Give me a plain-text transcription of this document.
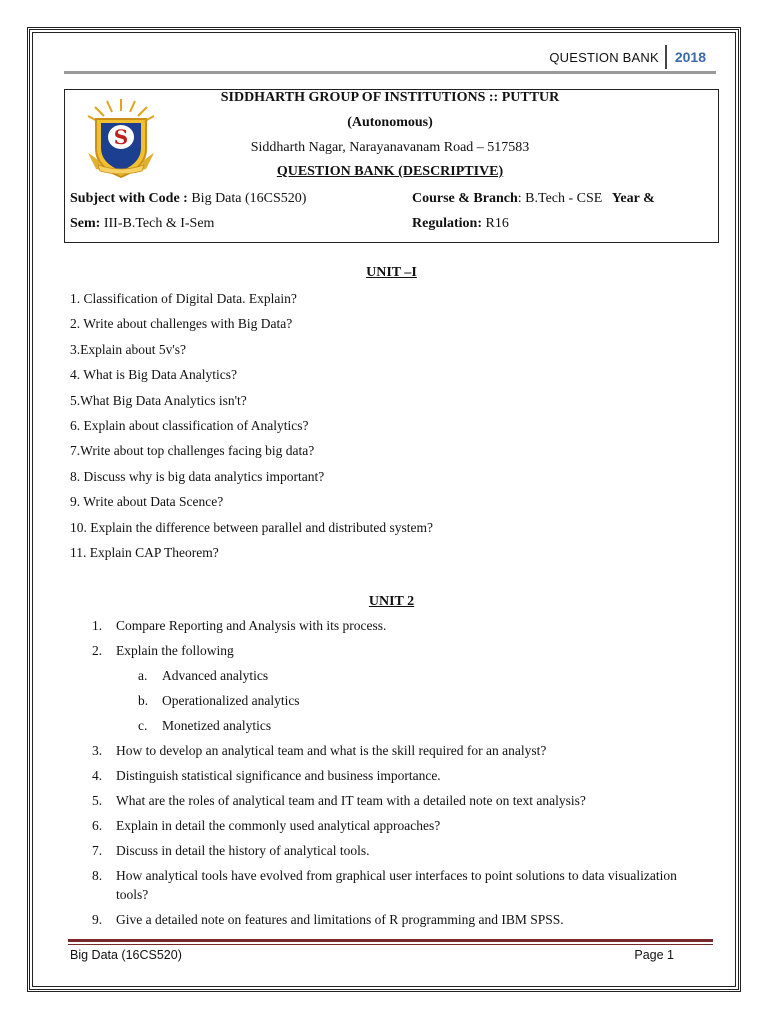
QUESTION BANK	2018
S
SIDDHARTH GROUP OF INSTITUTIONS :: PUTTUR
(Autonomous)
Siddharth Nagar, Narayanavanam Road – 517583
QUESTION BANK (DESCRIPTIVE)
Subject with Code : Big Data (16CS520)	Course & Branch: B.Tech - CSE Year &
Sem: III-B.Tech & I-Sem	Regulation: R16
UNIT –I
1. Classification of Digital Data. Explain?
2. Write about challenges with Big Data?
3.Explain about 5v's?
4. What is Big Data Analytics?
5.What Big Data Analytics isn't?
6. Explain about classification of Analytics?
7.Write about top challenges facing big data?
8. Discuss why is big data analytics important?
9. Write about Data Scence?
10. Explain the difference between parallel and distributed system?
11. Explain CAP Theorem?
UNIT 2
1. Compare Reporting and Analysis with its process.
2. Explain the following
a. Advanced analytics
b. Operationalized analytics
c. Monetized analytics
3. How to develop an analytical team and what is the skill required for an analyst?
4. Distinguish statistical significance and business importance.
5. What are the roles of analytical team and IT team with a detailed note on text analysis?
6. Explain in detail the commonly used analytical approaches?
7. Discuss in detail the history of analytical tools.
8. How analytical tools have evolved from graphical user interfaces to point solutions to data visualization tools?
9. Give a detailed note on features and limitations of R programming and IBM SPSS.
Big Data (16CS520)	Page 1
